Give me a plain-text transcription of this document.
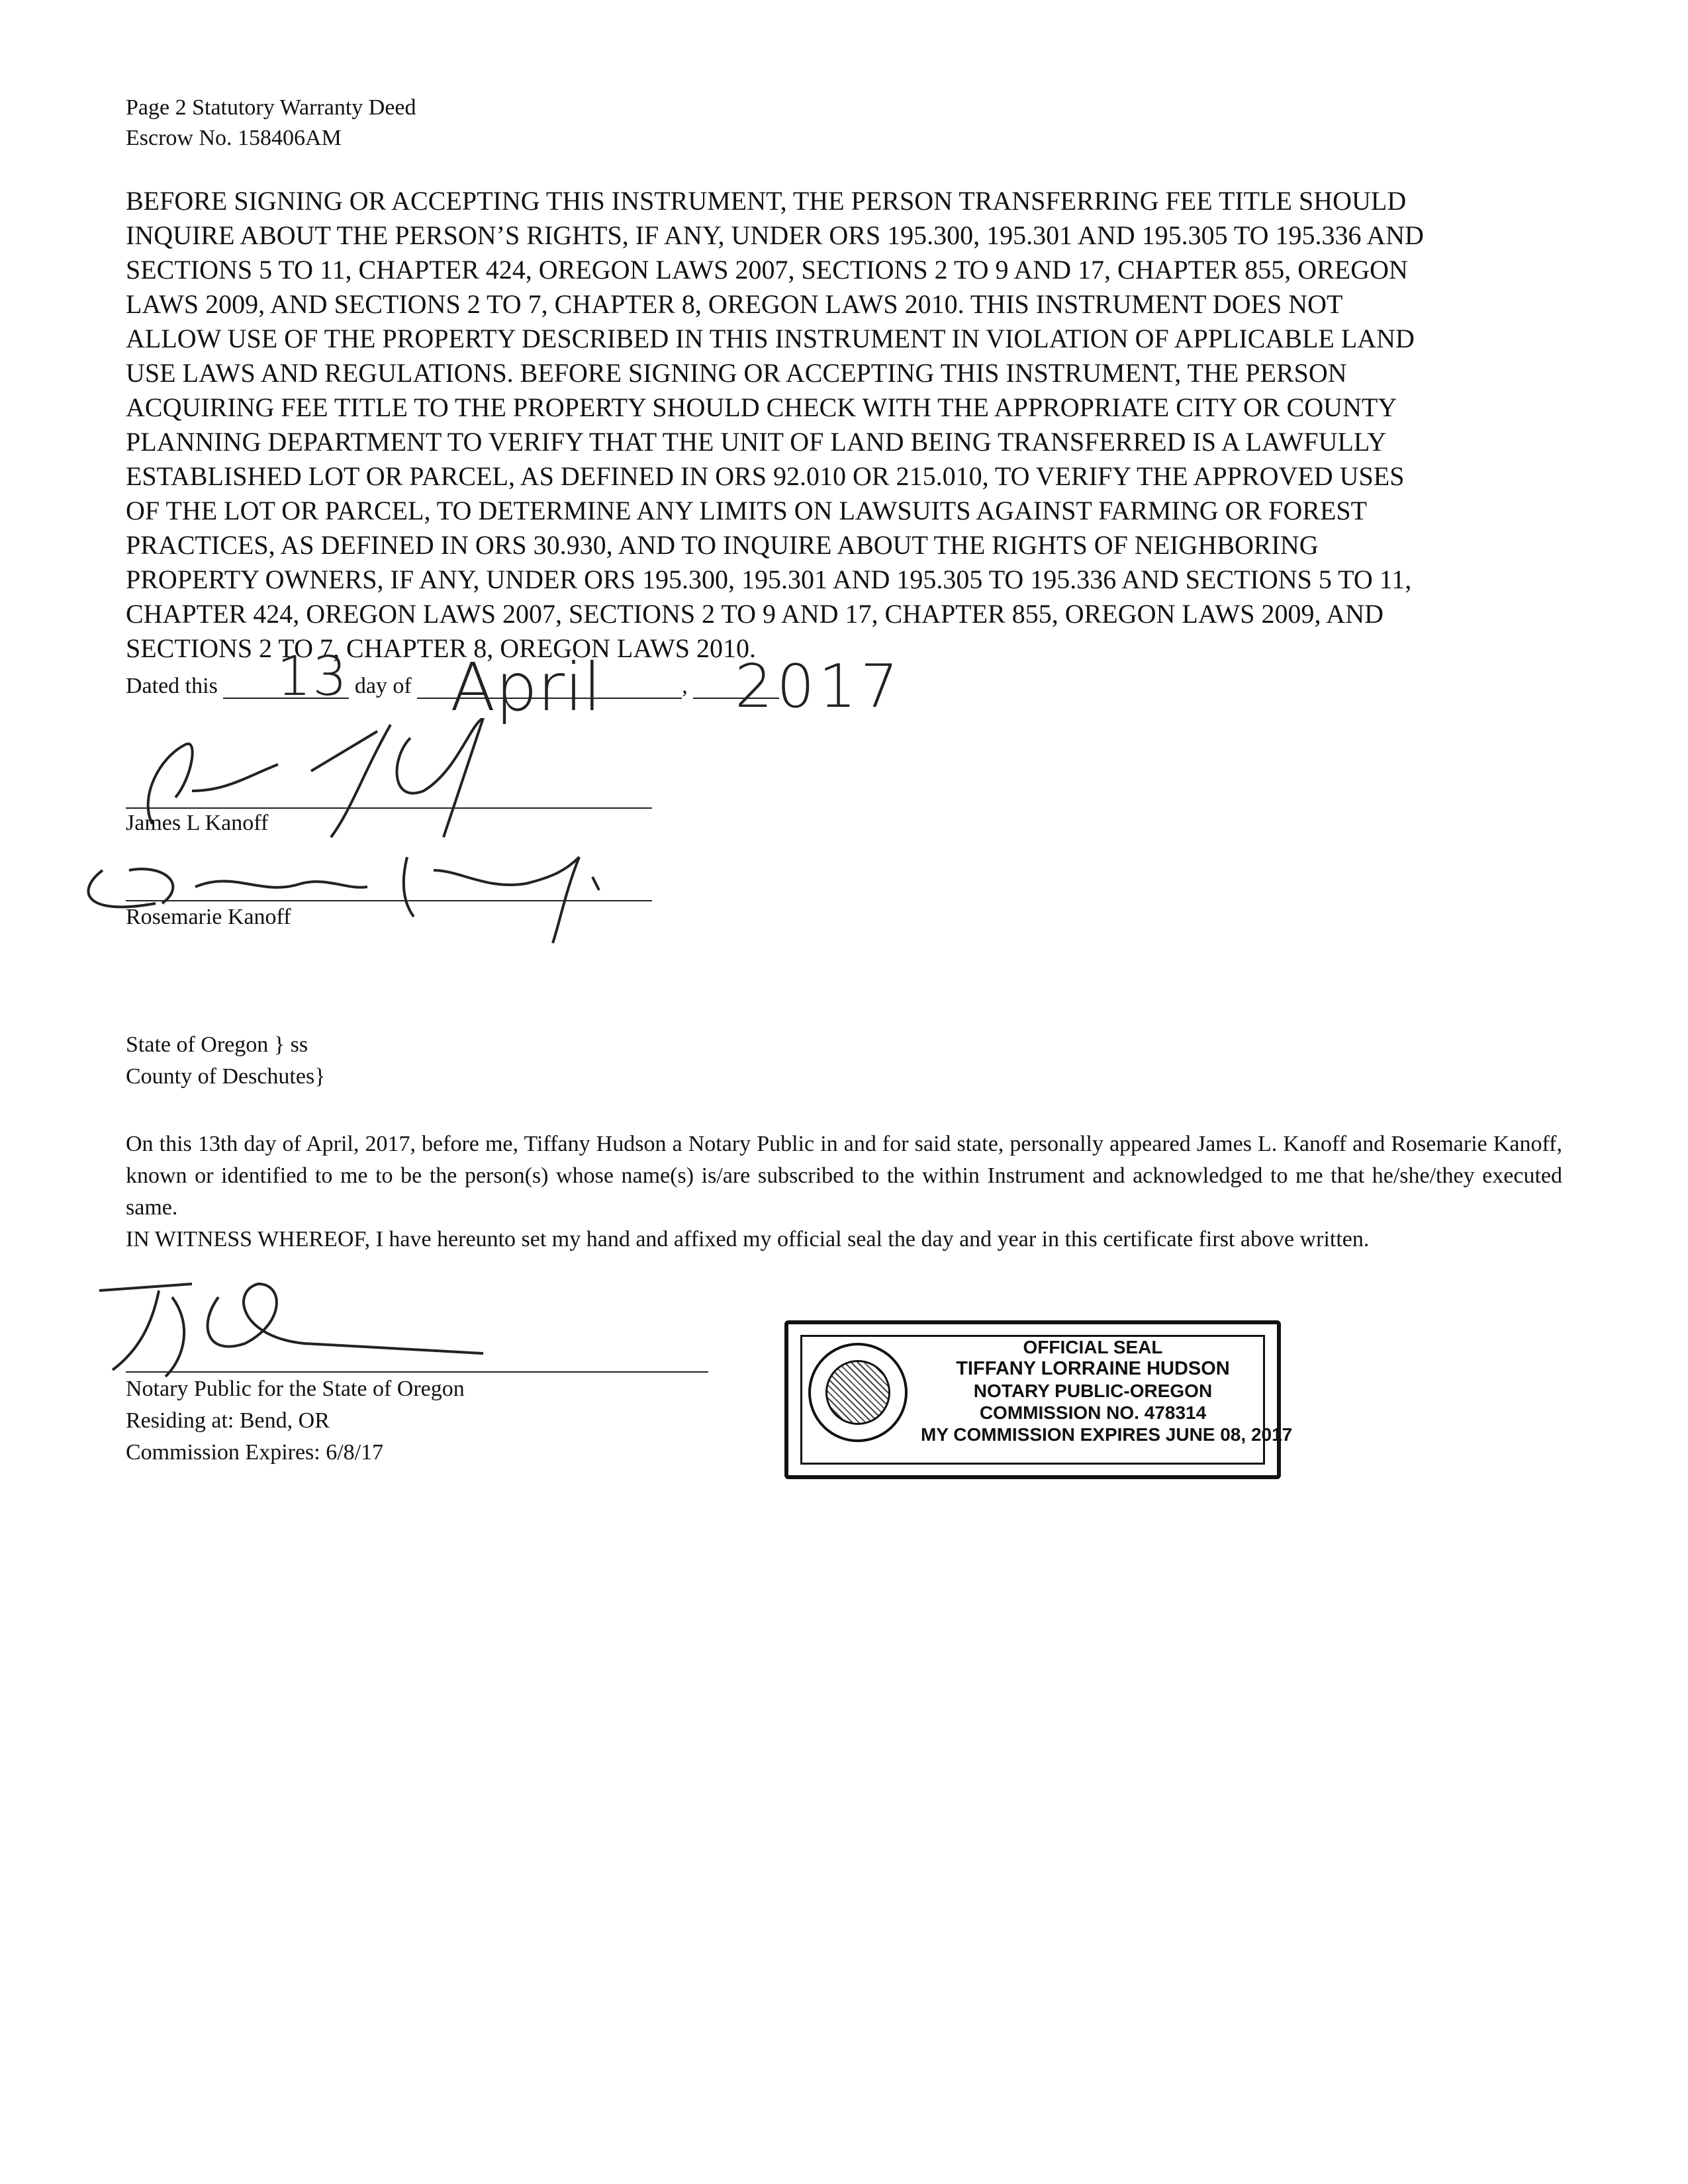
Page 2 Statutory Warranty Deed
Escrow No. 158406AM
BEFORE SIGNING OR ACCEPTING THIS INSTRUMENT, THE PERSON TRANSFERRING FEE TITLE SHOULD
INQUIRE ABOUT THE PERSON’S RIGHTS, IF ANY, UNDER ORS 195.300, 195.301 AND 195.305 TO 195.336 AND
SECTIONS 5 TO 11, CHAPTER 424, OREGON LAWS 2007, SECTIONS 2 TO 9 AND 17, CHAPTER 855, OREGON
LAWS 2009, AND SECTIONS 2 TO 7, CHAPTER 8, OREGON LAWS 2010. THIS INSTRUMENT DOES NOT
ALLOW USE OF THE PROPERTY DESCRIBED IN THIS INSTRUMENT IN VIOLATION OF APPLICABLE LAND
USE LAWS AND REGULATIONS. BEFORE SIGNING OR ACCEPTING THIS INSTRUMENT, THE PERSON
ACQUIRING FEE TITLE TO THE PROPERTY SHOULD CHECK WITH THE APPROPRIATE CITY OR COUNTY
PLANNING DEPARTMENT TO VERIFY THAT THE UNIT OF LAND BEING TRANSFERRED IS A LAWFULLY
ESTABLISHED LOT OR PARCEL, AS DEFINED IN ORS 92.010 OR 215.010, TO VERIFY THE APPROVED USES
OF THE LOT OR PARCEL, TO DETERMINE ANY LIMITS ON LAWSUITS AGAINST FARMING OR FOREST
PRACTICES, AS DEFINED IN ORS 30.930, AND TO INQUIRE ABOUT THE RIGHTS OF NEIGHBORING
PROPERTY OWNERS, IF ANY, UNDER ORS 195.300, 195.301 AND 195.305 TO 195.336 AND SECTIONS 5 TO 11,
CHAPTER 424, OREGON LAWS 2007, SECTIONS 2 TO 9 AND 17, CHAPTER 855, OREGON LAWS 2009, AND
SECTIONS 2 TO 7, CHAPTER 8, OREGON LAWS 2010.
Dated this	day of	,
13 April 2017
James L Kanoff
Rosemarie Kanoff
State of Oregon } ss
County of Deschutes}

On this 13th day of April, 2017, before me, Tiffany Hudson a Notary Public in and for said state, personally appeared James L. Kanoff and Rosemarie Kanoff, known or identified to me to be the person(s) whose name(s) is/are subscribed to the within Instrument and acknowledged to me that he/she/they executed same.

IN WITNESS WHEREOF, I have hereunto set my hand and affixed my official seal the day and year in this certificate first above written.

Notary Public for the State of Oregon
Residing at: Bend, OR
Commission Expires: 6/8/17
OFFICIAL SEAL
TIFFANY LORRAINE HUDSON
NOTARY PUBLIC-OREGON
COMMISSION NO. 478314
MY COMMISSION EXPIRES JUNE 08, 2017
